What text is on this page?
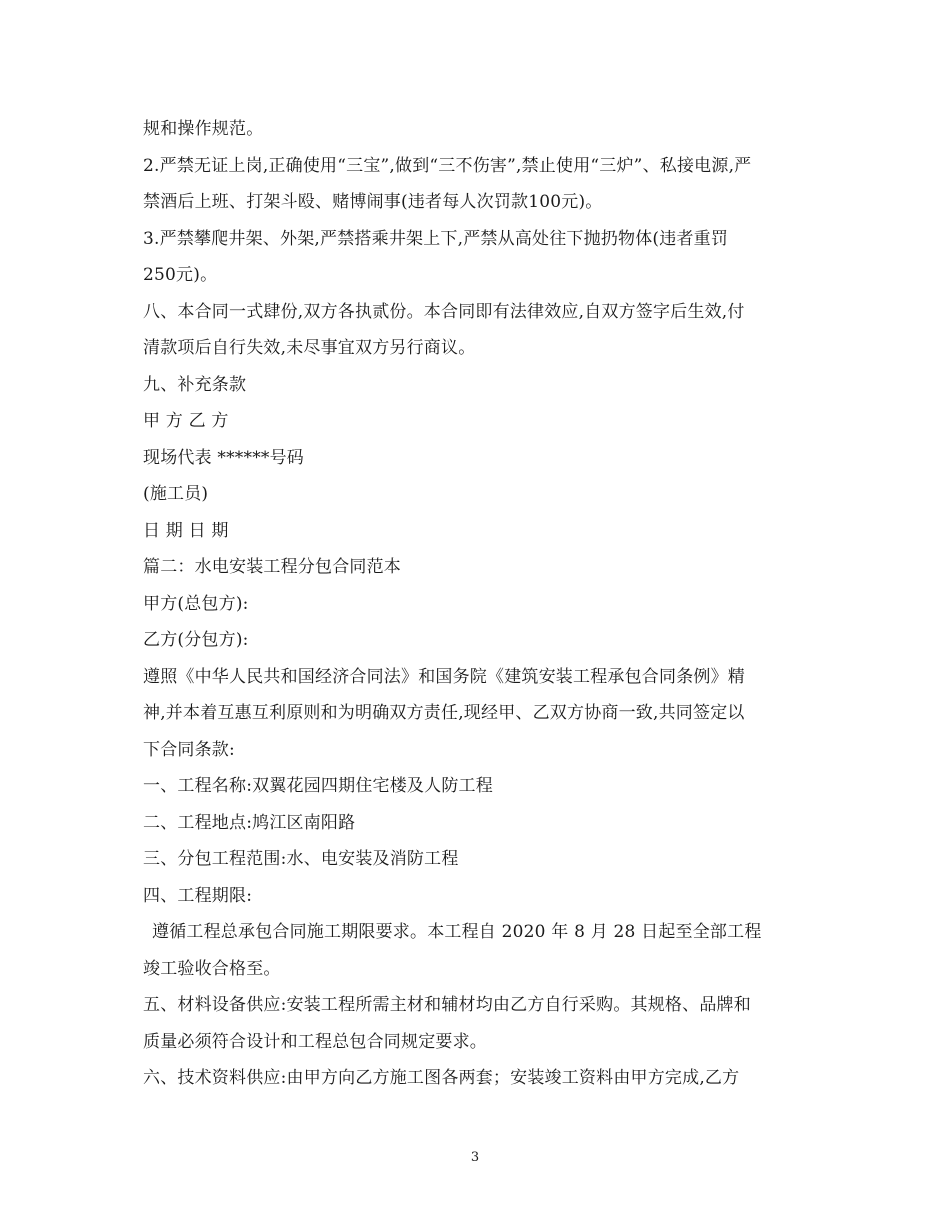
规和操作规范。
2.严禁无证上岗,正确使用“三宝”,做到“三不伤害”,禁止使用“三炉”、私接电源,严
禁酒后上班、打架斗殴、赌博闹事(违者每人次罚款100元)。
3.严禁攀爬井架、外架,严禁搭乘井架上下,严禁从高处往下抛扔物体(违者重罚
250元)。
八、本合同一式肆份,双方各执贰份。本合同即有法律效应,自双方签字后生效,付
清款项后自行失效,未尽事宜双方另行商议。
九、补充条款
甲 方 乙 方
现场代表 ******号码
(施工员)
日 期 日 期
篇二：水电安装工程分包合同范本
甲方(总包方):
乙方(分包方):
遵照《中华人民共和国经济合同法》和国务院《建筑安装工程承包合同条例》精
神,并本着互惠互利原则和为明确双方责任,现经甲、乙双方协商一致,共同签定以
下合同条款:
一、工程名称:双翼花园四期住宅楼及人防工程
二、工程地点:鸠江区南阳路
三、分包工程范围:水、电安装及消防工程
四、工程期限:
遵循工程总承包合同施工期限要求。本工程自 2020 年 8 月 28 日起至全部工程
竣工验收合格至。
五、材料设备供应:安装工程所需主材和辅材均由乙方自行采购。其规格、品牌和
质量必须符合设计和工程总包合同规定要求。
六、技术资料供应:由甲方向乙方施工图各两套；安装竣工资料由甲方完成,乙方
3
